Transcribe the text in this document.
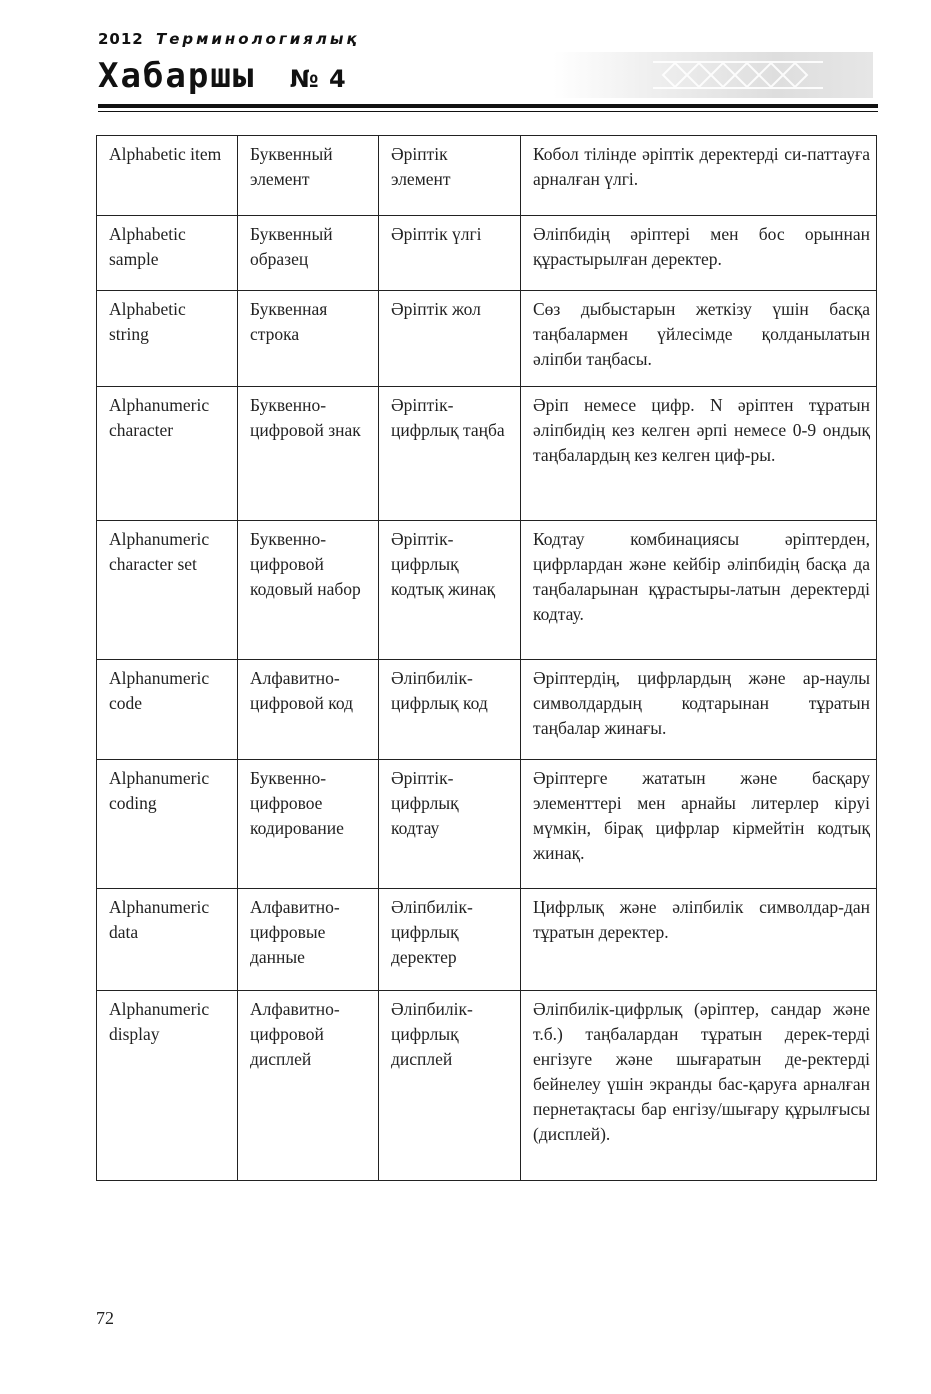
2012 Терминологиялық
Хабаршы № 4
Alphabetic item	Буквенный элемент	Әріптік элемент	Кобол тілінде әріптік деректерді си-паттауға арналған үлгі.
Alphabetic sample	Буквенный образец	Әріптік үлгі	Әліпбидің әріптері мен бос орыннан құрастырылған деректер.
Alphabetic string	Буквенная строка	Әріптік жол	Сөз дыбыстарын жеткізу үшін басқа таңбалармен үйлесімде қолданылатын әліпби таңбасы.
Alphanumeric character	Буквенно-цифровой знак	Әріптік-цифрлық таңба	Әріп немесе цифр. N әріптен тұратын әліпбидің кез келген әрпі немесе 0-9 ондық таңбалардың кез келген циф-ры.
Alphanumeric character set	Буквенно-цифровой кодовый набор	Әріптік-цифрлық кодтық жинақ	Кодтау комбинациясы әріптерден, цифрлардан және кейбір әліпбидің басқа да таңбаларынан құрастыры-латын деректерді кодтау.
Alphanumeric code	Алфавитно-цифровой код	Әліпбилік-цифрлық код	Әріптердің, цифрлардың және ар-наулы символдардың кодтарынан тұратын таңбалар жинағы.
Alphanumeric coding	Буквенно-цифровое кодирование	Әріптік-цифрлық кодтау	Әріптерге жататын және басқару элементтері мен арнайы литерлер кіруі мүмкін, бірақ цифрлар кірмейтін кодтық жинақ.
Alphanumeric data	Алфавитно-цифровые данные	Әліпбилік-цифрлық деректер	Цифрлық және әліпбилік символдар-дан тұратын деректер.
Alphanumeric display	Алфавитно-цифровой дисплей	Әліпбилік-цифрлық дисплей	Әліпбилік-цифрлық (әріптер, сандар және т.б.) таңбалардан тұратын дерек-терді енгізуге және шығаратын де-ректерді бейнелеу үшін экранды бас-қаруға арналған пернетақтасы бар енгізу/шығару құрылғысы (дисплей).
72
